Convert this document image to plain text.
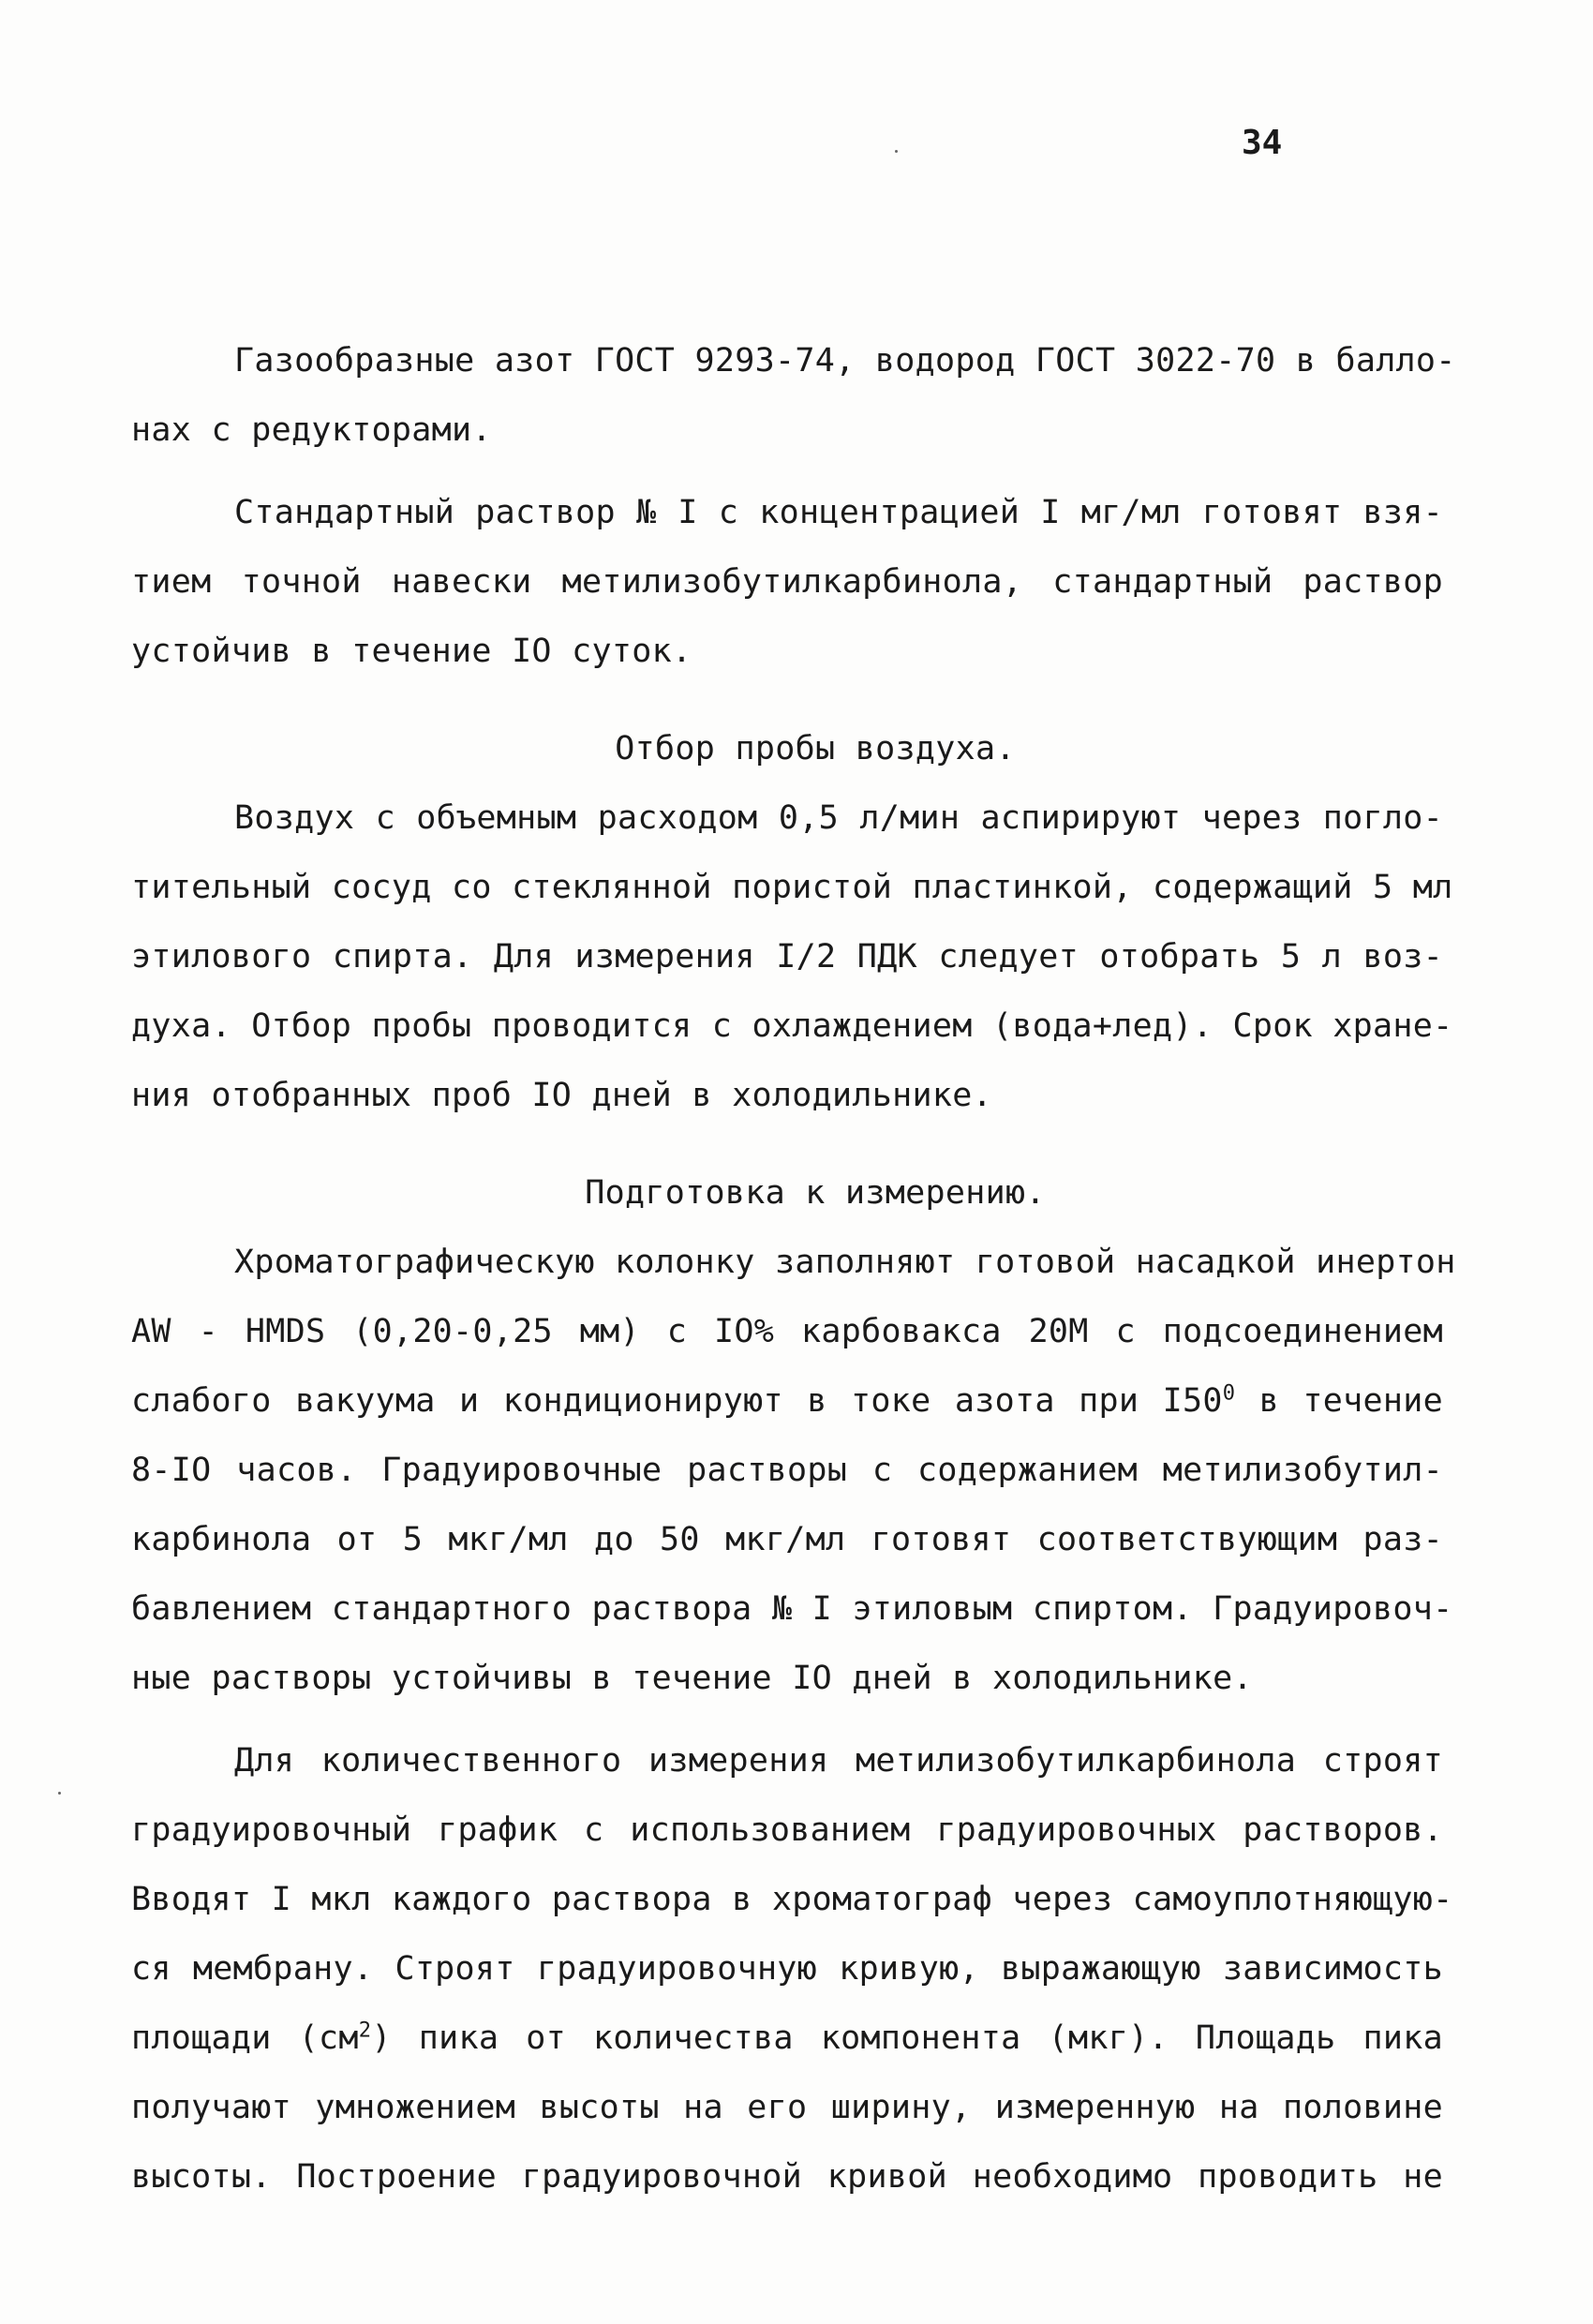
34
Газообразные азот ГОСТ 9293-74, водород ГОСТ 3022-70 в балло-
нах с редукторами.
Стандартный раствор № I с концентрацией I мг/мл готовят взя-
тием точной навески метилизобутилкарбинола, стандартный раствор
устойчив в течение IO суток.
Отбор пробы воздуха.
Воздух с объемным расходом 0,5 л/мин аспирируют через погло-
тительный сосуд со стеклянной пористой пластинкой, содержащий 5 мл
этилового спирта. Для измерения I/2 ПДК следует отобрать 5 л воз-
духа. Отбор пробы проводится с охлаждением (вода+лед). Срок хране-
ния отобранных проб IO дней в холодильнике.
Подготовка к измерению.
Хроматографическую колонку заполняют готовой насадкой инертон
AW - HMDS (0,20-0,25 мм) с IO% карбовакса 20М с подсоединением
слабого вакуума и кондиционируют в токе азота при $I50^0$ в течение
8-IO часов. Градуировочные растворы с содержанием метилизобутил-
карбинола от 5 мкг/мл до 50 мкг/мл готовят соответствующим раз-
бавлением стандартного раствора № I этиловым спиртом. Градуировоч-
ные растворы устойчивы в течение IO дней в холодильнике.
Для количественного измерения метилизобутилкарбинола строят
градуировочный график с использованием градуировочных растворов.
Вводят I мкл каждого раствора в хроматограф через самоуплотняющую-
ся мембрану. Строят градуировочную кривую, выражающую зависимость
площади $(см^2)$ пика от количества компонента (мкг). Площадь пика
получают умножением высоты на его ширину, измеренную на половине
высоты. Построение градуировочной кривой необходимо проводить не
